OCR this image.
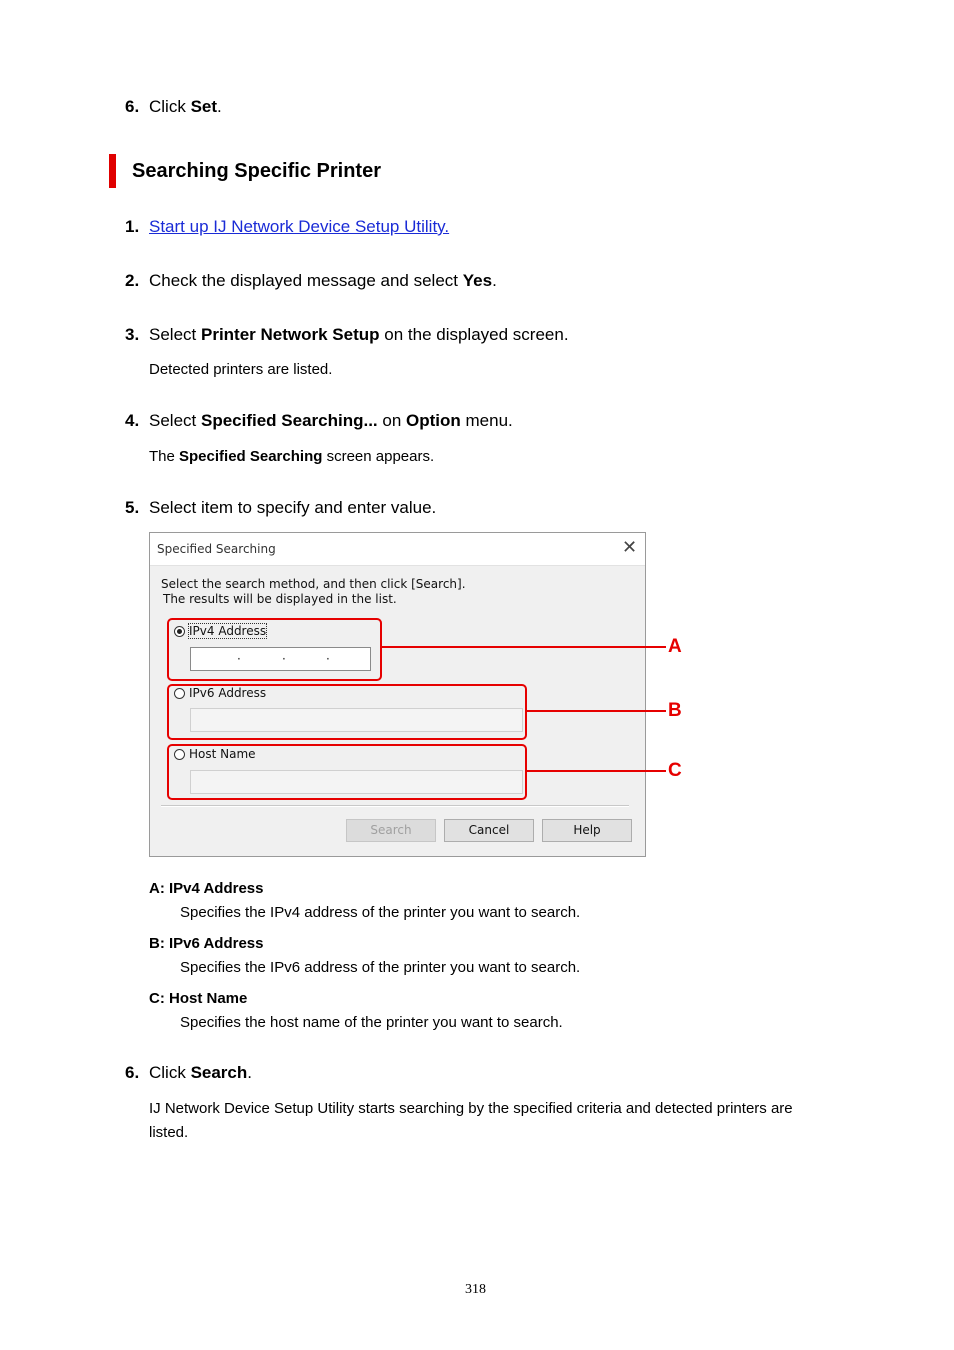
6. Click Set.
Searching Specific Printer
1. Start up IJ Network Device Setup Utility.
2. Check the displayed message and select Yes.
3. Select Printer Network Setup on the displayed screen.
Detected printers are listed.
4. Select Specified Searching... on Option menu.
The Specified Searching screen appears.
5. Select item to specify and enter value.
Specified Searching	✕
Select the search method, and then click [Search].
The results will be displayed in the list.
IPv4 Address
·	·	·
IPv6 Address
Host Name
Search	Cancel	Help
A
B
C
A: IPv4 Address
Specifies the IPv4 address of the printer you want to search.
B: IPv6 Address
Specifies the IPv6 address of the printer you want to search.
C: Host Name
Specifies the host name of the printer you want to search.
6. Click Search.
IJ Network Device Setup Utility starts searching by the specified criteria and detected printers are
listed.
318
